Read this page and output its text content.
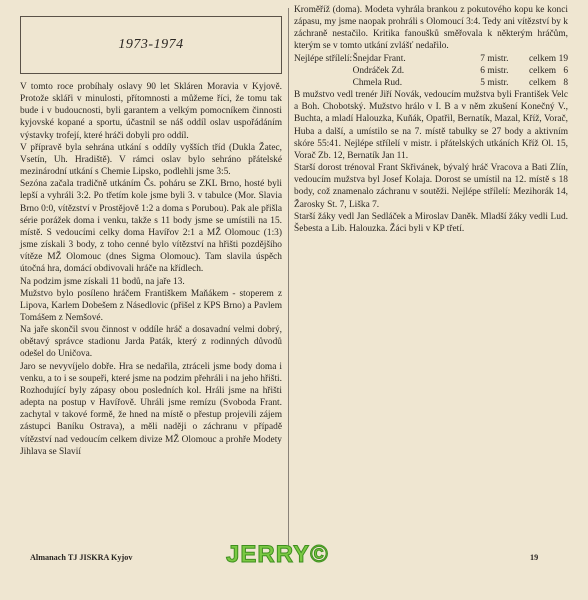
1973-1974

V tomto roce probíhaly oslavy 90 let Skláren Moravia v Kyjově. Protože skláři v minulosti, přítomnosti a můžeme říci, že tomu tak bude i v budoucnosti, byli garantem a velkým pomocníkem činnosti kyjovské kopané a sportu, účastnil se náš oddíl oslav uspořádáním výstavky trofejí, které hráči dobyli pro oddíl.

V přípravě byla sehrána utkání s oddíly vyšších tříd (Dukla Žatec, Vsetín, Uh. Hradiště). V rámci oslav bylo sehráno přátelské mezinárodní utkání s Chemie Lipsko, podlehli jsme 3:5.

Sezóna začala tradičně utkáním Čs. poháru se ZKL Brno, hosté byli lepší a vyhráli 3:2. Po třetím kole jsme byli 3. v tabulce (Mor. Slavia Brno 0:0, vítězství v Prostějově 1:2 a doma s Porubou). Pak ale přišla série porážek doma i venku, takže s 11 body jsme se umístili na 15. místě. S vedoucími celky doma Havířov 2:1 a MŽ Olomouc (1:3) jsme získali 3 body, z toho cenné bylo vítězství na hřišti pozdějšího vítěze MŽ Olomouc (dnes Sigma Olomouc). Tam slavila úspěch útočná hra, domácí obdivovali hráče na křídlech.

Na podzim jsme získali 11 bodů, na jaře 13.

Mužstvo bylo posíleno hráčem Františkem Maňákem - stoperem z Lipova, Karlem Dobešem z Násedlovic (přišel z KPS Brno) a Pavlem Tomášem z Nemšové.

Na jaře skončil svou činnost v oddíle hráč a dosavadní velmi dobrý, obětavý správce stadionu Jarda Paták, který z rodinných důvodů odešel do Uničova.

Jaro se nevyvíjelo dobře. Hra se nedařila, ztráceli jsme body doma i venku, a to i se soupeři, které jsme na podzim přehráli i na jeho hřišti. Rozhodující byly zápasy obou posledních kol. Hráli jsme na hřišti adepta na postup v Havířově. Uhráli jsme remízu (Svoboda Frant. zachytal v takové formě, že hned na místě o přestup projevili zájem zástupci Baníku Ostrava), a měli naději o záchranu v případě vítězství nad vedoucím celkem divize MŽ Olomouc a prohře Modety Jihlava se Slavií

Kroměříž (doma). Modeta vyhrála brankou z pokutového kopu ke konci zápasu, my jsme naopak prohráli s Olomoucí 3:4. Tedy ani vítězství by k záchraně nestačilo. Kritika fanoušků směřovala k některým hráčům, kterým se v tomto utkání zvlášť nedařilo.

Nejlépe střílelí: Šnejdar Frant.	7 mistr.	celkem 19
Ondráček Zd.	6 mistr.	celkem 6
Chmela Rud.	5 mistr.	celkem 8

B mužstvo vedl trenér Jiří Novák, vedoucím mužstva byli František Velc a Boh. Chobotský. Mužstvo hrálo v I. B a v něm zkušení Konečný V., Buchta, a mladí Halouzka, Kuňák, Opatřil, Bernatík, Mazal, Kříž, Vorač, Huba a další, a umístilo se na 7. místě tabulky se 27 body a aktivním skóre 55:41. Nejlépe střílelí v mistr. i přátelských utkáních Kříž Ol. 15, Vorač Zb. 12, Bernatík Jan 11.

Starší dorost trénoval Frant Skřivánek, bývalý hráč Vracova a Bati Zlín, vedoucím mužstva byl Josef Kolaja. Dorost se umístil na 12. místě s 18 body, což znamenalo záchranu v soutěži. Nejlépe střílelí: Mezihorák 14, Žarosky St. 7, Liška 7.

Starší žáky vedl Jan Sedláček a Miroslav Daněk. Mladší žáky vedli Lud. Šebesta a Lib. Halouzka. Žáci byli v KP třetí.

Almanach TJ JISKRA Kyjov	JERRY©	19
